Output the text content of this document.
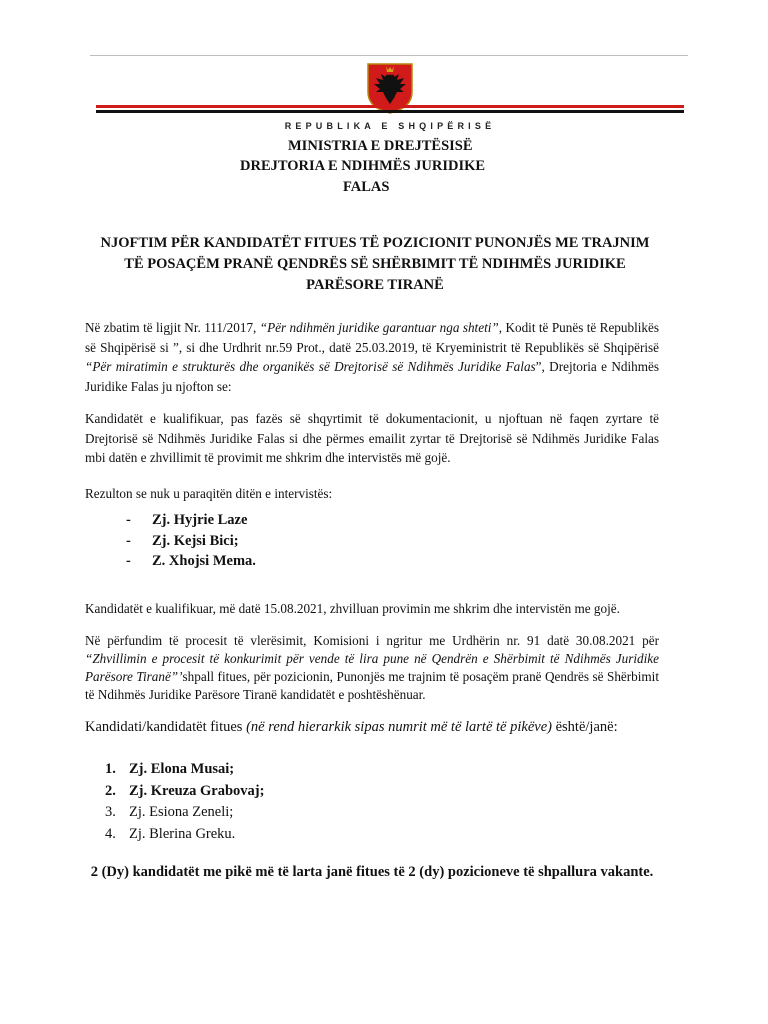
REPUBLIKA E SHQIPËRISË
MINISTRIA E DREJTËSISË
DREJTORIA E NDIHMËS JURIDIKE
FALAS
NJOFTIM PËR KANDIDATËT FITUES TË POZICIONIT PUNONJËS ME TRAJNIM TË POSAÇËM PRANË QENDRËS SË SHËRBIMIT TË NDIHMËS JURIDIKE PARËSORE TIRANË
Në zbatim të ligjit Nr. 111/2017, “Për ndihmën juridike garantuar nga shteti”, Kodit të Punës të Republikës së Shqipërisë si ”, si dhe Urdhrit nr.59 Prot., datë 25.03.2019, të Kryeministrit të Republikës së Shqipërisë “Për miratimin e strukturës dhe organikës së Drejtorisë së Ndihmës Juridike Falas”, Drejtoria e Ndihmës Juridike Falas ju njofton se:
Kandidatët e kualifikuar, pas fazës së shqyrtimit të dokumentacionit, u njoftuan në faqen zyrtare të Drejtorisë së Ndihmës Juridike Falas si dhe përmes emailit zyrtar të Drejtorisë së Ndihmës Juridike Falas mbi datën e zhvillimit të provimit me shkrim dhe intervistës më gojë.
Rezulton se nuk u paraqitën ditën e intervistës:
- Zj. Hyjrie Laze
- Zj. Kejsi Bici;
- Z. Xhojsi Mema.
Kandidatët e kualifikuar, më datë 15.08.2021, zhvilluan provimin me shkrim dhe intervistën me gojë.
Në përfundim të procesit të vlerësimit, Komisioni i ngritur me Urdhërin nr. 91 datë 30.08.2021 për “Zhvillimin e procesit të konkurimit për vende të lira pune në Qendrën e Shërbimit të Ndihmës Juridike Parësore Tiranë”’shpall fitues, për pozicionin, Punonjës me trajnim të posaçëm pranë Qendrës së Shërbimit të Ndihmës Juridike Parësore Tiranë kandidatët e poshtëshënuar.
Kandidati/kandidatët fitues (në rend hierarkik sipas numrit më të lartë të pikëve) është/janë:
1. Zj. Elona Musai;
2. Zj. Kreuza Grabovaj;
3. Zj. Esiona Zeneli;
4. Zj. Blerina Greku.
2 (Dy) kandidatët me pikë më të larta janë fitues të 2 (dy) pozicioneve të shpallura vakante.
